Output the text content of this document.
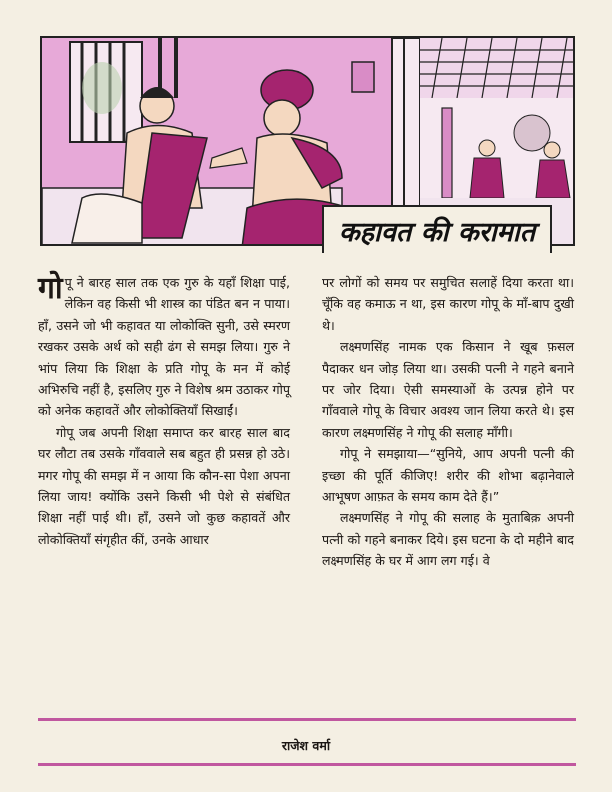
कहावत की करामात

गोपू ने बारह साल तक एक गुरु के यहाँ शिक्षा पाई, लेकिन वह किसी भी शास्त्र का पंडित बन न पाया। हाँ, उसने जो भी कहावत या लोकोक्ति सुनी, उसे स्मरण रखकर उसके अर्थ को सही ढंग से समझ लिया। गुरु ने भांप लिया कि शिक्षा के प्रति गोपू के मन में कोई अभिरुचि नहीं है, इसलिए गुरु ने विशेष श्रम उठाकर गोपू को अनेक कहावतें और लोकोक्तियाँ सिखाईं।

गोपू जब अपनी शिक्षा समाप्त कर बारह साल बाद घर लौटा तब उसके गाँववाले सब बहुत ही प्रसन्न हो उठे। मगर गोपू की समझ में न आया कि कौन-सा पेशा अपना लिया जाय! क्योंकि उसने किसी भी पेशे से संबंधित शिक्षा नहीं पाई थी। हाँ, उसने जो कुछ कहावतें और लोकोक्तियाँ संगृहीत कीं, उनके आधार

पर लोगों को समय पर समुचित सलाहें दिया करता था। चूँकि वह कमाऊ न था, इस कारण गोपू के माँ-बाप दुखी थे।

लक्ष्मणसिंह नामक एक किसान ने खूब फ़सल पैदाकर धन जोड़ लिया था। उसकी पत्नी ने गहने बनाने पर जोर दिया। ऐसी समस्याओं के उत्पन्न होने पर गाँववाले गोपू के विचार अवश्य जान लिया करते थे। इस कारण लक्ष्मणसिंह ने गोपू की सलाह माँगी।

गोपू ने समझाया—“सुनिये, आप अपनी पत्नी की इच्छा की पूर्ति कीजिए! शरीर की शोभा बढ़ानेवाले आभूषण आफ़त के समय काम देते हैं।”

लक्ष्मणसिंह ने गोपू की सलाह के मुताबिक़ अपनी पत्नी को गहने बनाकर दिये। इस घटना के दो महीने बाद लक्ष्मणसिंह के घर में आग लग गई। वे

राजेश वर्मा
